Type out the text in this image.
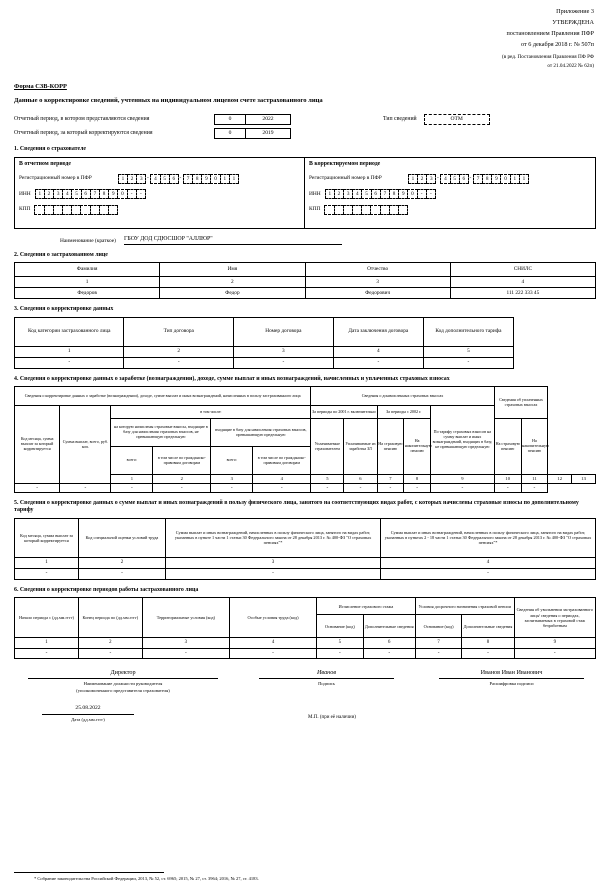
Приложение 3
УТВЕРЖДЕНА
постановлением Правления ПФР
от 6 декабря 2018 г. № 507п
(в ред. Постановления Правления ПФ РФ
от 21.04.2022 № 62п)
Форма СЗВ-КОРР
Данные о корректировке сведений, учтенных на индивидуальном лицевом счете застрахованного лица
Отчетный период, в котором представляются сведения	0	2022
Отчетный период, за который корректируются сведения	0	2019
Тип сведений	ОТМ
1. Сведения о страхователе
В отчетном периоде
Регистрационный номер в ПФР	1	2	3 -	4	5	6 -	7	8	9	0	1	1
ИНН	1	2	3	4	5	6	7	8	9	0	-	-
КПП
В корректируемом периоде
Регистрационный номер в ПФР	1	2	3 -	4	5	6 -	7	8	9	0	1	1
ИНН	1	2	3	4	5	6	7	8	9	0	-	-
КПП
Наименование (краткое) ГБОУ ДОД СДЮСШОР "АЛЛЮР"
2. Сведения о застрахованном лице
Фамилия	Имя	Отчество	СНИЛС
1	2	3	4
Федоров	Федор	Федорович	111 222 333 45
3. Сведения о корректировке данных
Код категории застрахованного лица	Тип договора	Номер договора	Дата заключения договора	Код дополнительного тарифа
1	2	3	4	5
-	-	-	-	-
4. Сведения о корректировке данных о заработке (вознаграждении), доходе, сумме выплат и иных вознаграждений, начисленных и уплаченных страховых взносах
Сведения о корректировке данных о заработке (вознаграждении), доходе, сумме выплат и иных вознаграждений, начисленных в пользу застрахованного лица						Сведения о доначисленных страховых взносах					Сведения об уплаченных страховых взносах			
Код месяца, сумма выплат за который корректируется	Сумма выплат, всего, руб. коп.	в том числе:				За периоды по 2001 г. включительно		За периоды с 2002 г.		По тарифу страховых взносов на сумму выплат и иных вознаграждений, входящих в базу, не превышающую предельную				
		на которую начислены страховые взносы, входящие в базу для начисления страховых взносов, не превышающую предельную		входящие в базу для начисления страховых взносов, превышающую предельную		Уплачиваемые страхователем	Уплачиваемые из заработка ЗЛ	На страховую пенсию	На накопительную пенсию		На страховую пенсию	На накопительную пенсию		
		всего:	в том числе по гражданско-правовым договорам	всего:	в том числе по гражданско-правовым договорам									
		1	2	3	4	5	6	7	8	9	10	11	12	13
-	-	-	-	-	-	-	-	-	-	-	-	-		
5. Сведения о корректировке данных о сумме выплат и иных вознаграждений в пользу физического лица, занятого на соответствующих видах работ, с которых начислены страховые взносы по дополнительному тарифу
Код месяца, сумма выплат за который корректируется	Код специальной оценки условий труда	Сумма выплат и иных вознаграждений, начисленных в пользу физического лица, занятого на видах работ, указанных в пункте 1 части 1 статьи 30 Федерального закона от 28 декабря 2013 г. № 400-ФЗ "О страховых пенсиях"*	Сумма выплат и иных вознаграждений, начисленных в пользу физического лица, занятого на видах работ, указанных в пунктах 2 - 18 части 1 статьи 30 Федерального закона от 28 декабря 2013 г. № 400-ФЗ "О страховых пенсиях"*
1	2	3	4
-	-	-	-
6. Сведения о корректировке периодов работы застрахованного лица
Начало периода с (дд.мм.гггг)	Конец периода по (дд.мм.гггг)	Территориальные условия (код)	Особые условия труда (код)	Исчисление страхового стажа		Условия досрочного назначения страховой пенсии		Сведения об увольнении застрахованного лица/ сведения о периодах, засчитываемых в страховой стаж безработным
				Основание (код)	Дополнительные сведения	Основание (код)	Дополнительные сведения	
1	2	3	4	5	6	7	8	9
-	-	-	-	-	-	-	-	-
Директор
Наименование должности руководителя
(уполномоченного представителя страхователя)
Иванов
Подпись
Иванов Иван Иванович
Расшифровка подписи
25.08.2022
Дата (дд.мм.гггг)	М.П. (при её наличии)
* Собрание законодательства Российской Федерации, 2013, № 52, ст. 6965; 2015, № 27, ст. 3964; 2016, № 27, ст. 4183.
